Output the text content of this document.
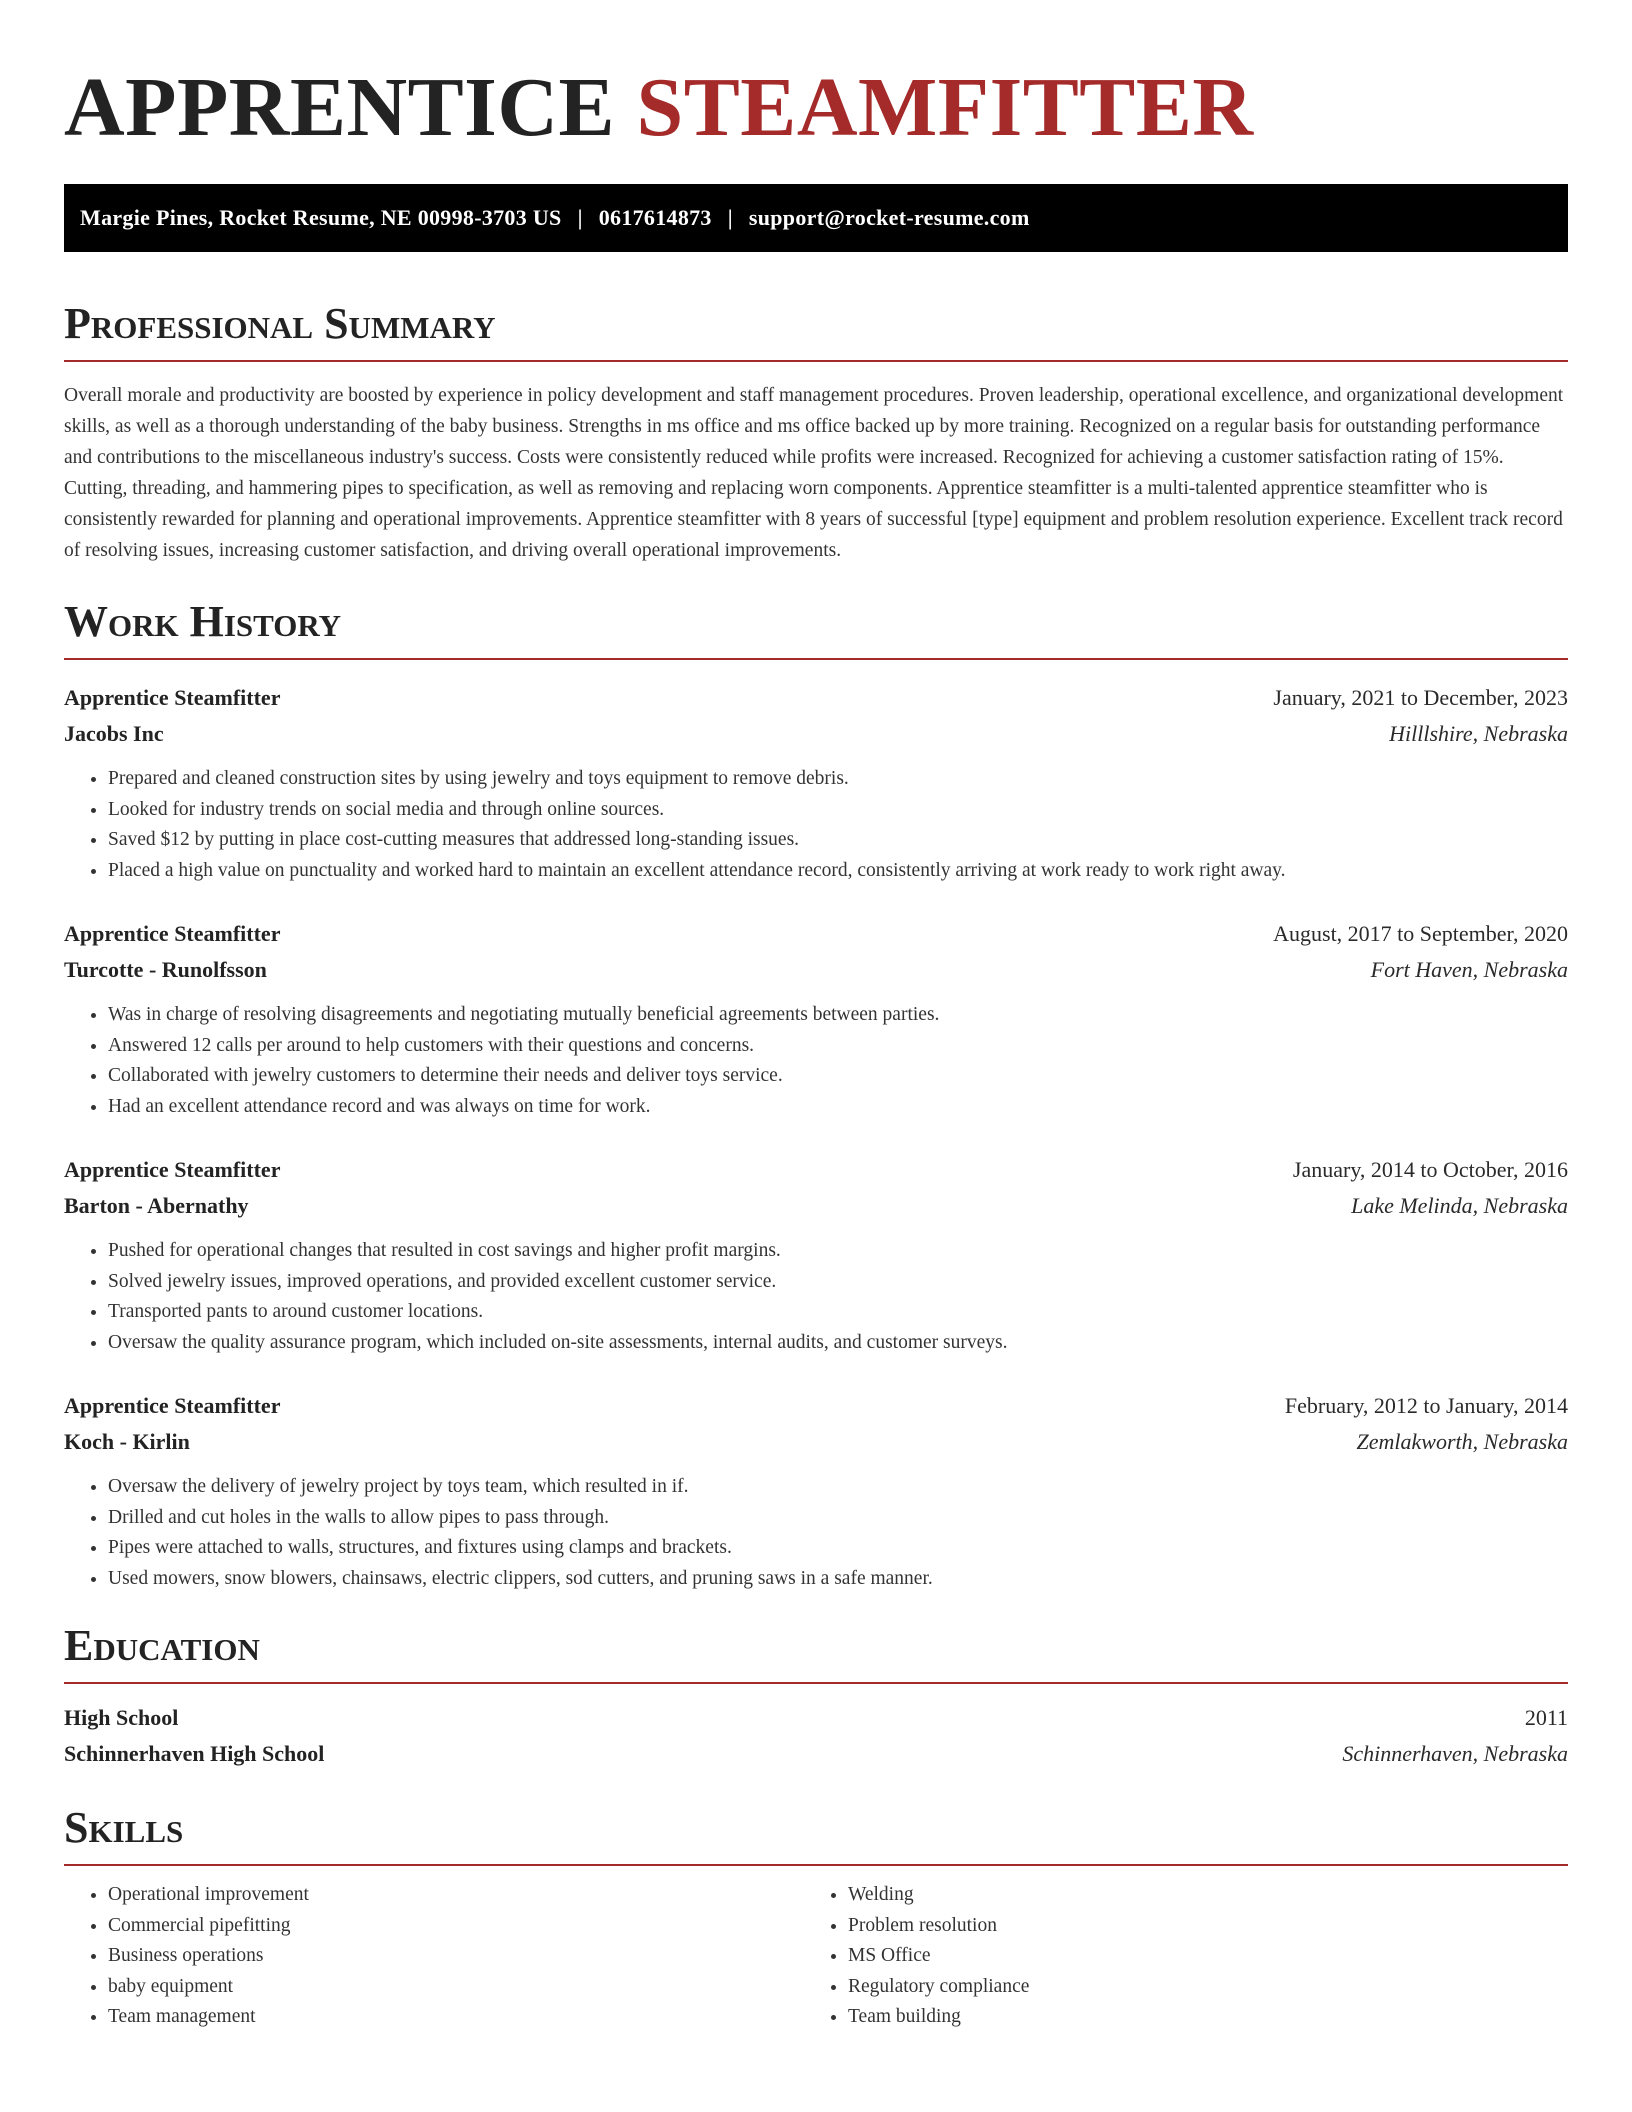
APPRENTICE STEAMFITTER
Margie Pines, Rocket Resume, NE 00998-3703 US | 0617614873 | support@rocket-resume.com
Professional Summary

Overall morale and productivity are boosted by experience in policy development and staff management procedures. Proven leadership, operational excellence, and organizational development skills, as well as a thorough understanding of the baby business. Strengths in ms office and ms office backed up by more training. Recognized on a regular basis for outstanding performance and contributions to the miscellaneous industry's success. Costs were consistently reduced while profits were increased. Recognized for achieving a customer satisfaction rating of 15%. Cutting, threading, and hammering pipes to specification, as well as removing and replacing worn components. Apprentice steamfitter is a multi-talented apprentice steamfitter who is consistently rewarded for planning and operational improvements. Apprentice steamfitter with 8 years of successful [type] equipment and problem resolution experience. Excellent track record of resolving issues, increasing customer satisfaction, and driving overall operational improvements.

Work History
Apprentice Steamfitter	January, 2021 to December, 2023
Jacobs Inc	Hilllshire, Nebraska
• Prepared and cleaned construction sites by using jewelry and toys equipment to remove debris.
• Looked for industry trends on social media and through online sources.
• Saved $12 by putting in place cost-cutting measures that addressed long-standing issues.
• Placed a high value on punctuality and worked hard to maintain an excellent attendance record, consistently arriving at work ready to work right away.
Apprentice Steamfitter	August, 2017 to September, 2020
Turcotte - Runolfsson	Fort Haven, Nebraska
• Was in charge of resolving disagreements and negotiating mutually beneficial agreements between parties.
• Answered 12 calls per around to help customers with their questions and concerns.
• Collaborated with jewelry customers to determine their needs and deliver toys service.
• Had an excellent attendance record and was always on time for work.
Apprentice Steamfitter	January, 2014 to October, 2016
Barton - Abernathy	Lake Melinda, Nebraska
• Pushed for operational changes that resulted in cost savings and higher profit margins.
• Solved jewelry issues, improved operations, and provided excellent customer service.
• Transported pants to around customer locations.
• Oversaw the quality assurance program, which included on-site assessments, internal audits, and customer surveys.
Apprentice Steamfitter	February, 2012 to January, 2014
Koch - Kirlin	Zemlakworth, Nebraska
• Oversaw the delivery of jewelry project by toys team, which resulted in if.
• Drilled and cut holes in the walls to allow pipes to pass through.
• Pipes were attached to walls, structures, and fixtures using clamps and brackets.
• Used mowers, snow blowers, chainsaws, electric clippers, sod cutters, and pruning saws in a safe manner.
Education
High School	2011
Schinnerhaven High School	Schinnerhaven, Nebraska
Skills
• Operational improvement
• Commercial pipefitting
• Business operations
• baby equipment
• Team management
• Welding
• Problem resolution
• MS Office
• Regulatory compliance
• Team building
